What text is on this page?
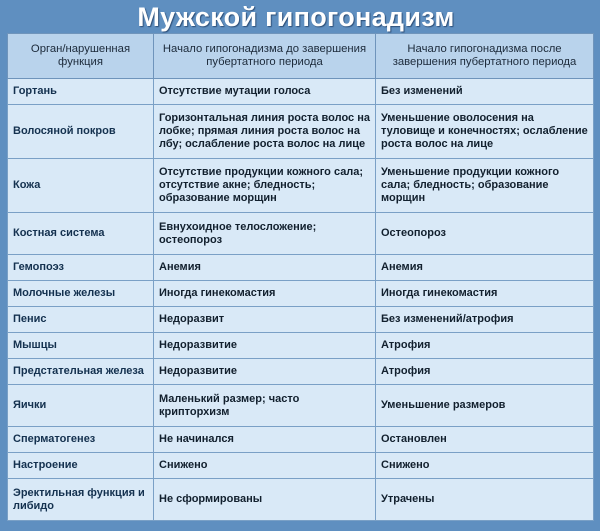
Мужской гипогонадизм
Орган/нарушенная функция	Начало гипогонадизма до завершения пубертатного периода	Начало гипогонадизма после завершения пубертатного периода
Гортань	Отсутствие мутации голоса	Без изменений
Волосяной покров	Горизонтальная линия роста волос на лобке; прямая линия роста волос на лбу; ослабление роста волос на лице	Уменьшение оволосения на туловище и конечностях; ослабление роста волос на лице
Кожа	Отсутствие продукции кожного сала; отсутствие акне; бледность; образование морщин	Уменьшение продукции кожного сала; бледность; образование морщин
Костная система	Евнухоидное телосложение; остеопороз	Остеопороз
Гемопоэз	Анемия	Анемия
Молочные железы	Иногда гинекомастия	Иногда гинекомастия
Пенис	Недоразвит	Без изменений/атрофия
Мышцы	Недоразвитие	Атрофия
Предстательная железа	Недоразвитие	Атрофия
Яички	Маленький размер; часто крипторхизм	Уменьшение размеров
Сперматогенез	Не начинался	Остановлен
Настроение	Снижено	Снижено
Эректильная функция и либидо	Не сформированы	Утрачены
